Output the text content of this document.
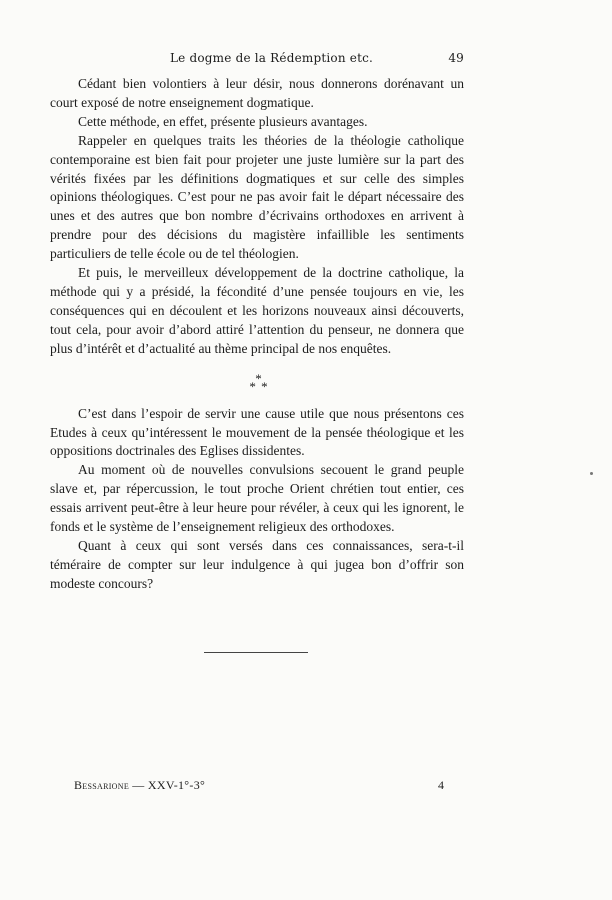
Le dogme de la Rédemption etc.	49

Cédant bien volontiers à leur désir, nous donnerons dorénavant un court exposé de notre enseignement dogmatique.

Cette méthode, en effet, présente plusieurs avantages.

Rappeler en quelques traits les théories de la théologie catholique contemporaine est bien fait pour projeter une juste lumière sur la part des vérités fixées par les définitions dogmatiques et sur celle des simples opinions théologiques. C’est pour ne pas avoir fait le départ nécessaire des unes et des autres que bon nombre d’écrivains orthodoxes en arrivent à prendre pour des décisions du magistère infaillible les sentiments particuliers de telle école ou de tel théologien.

Et puis, le merveilleux développement de la doctrine catholique, la méthode qui y a présidé, la fécondité d’une pensée toujours en vie, les conséquences qui en découlent et les horizons nouveaux ainsi découverts, tout cela, pour avoir d’abord attiré l’attention du penseur, ne donnera que plus d’intérêt et d’actualité au thème principal de nos enquêtes.

*
* *

C’est dans l’espoir de servir une cause utile que nous présentons ces Etudes à ceux qu’intéressent le mouvement de la pensée théologique et les oppositions doctrinales des Eglises dissidentes.

Au moment où de nouvelles convulsions secouent le grand peuple slave et, par répercussion, le tout proche Orient chrétien tout entier, ces essais arrivent peut-être à leur heure pour révéler, à ceux qui les ignorent, le fonds et le système de l’enseignement religieux des orthodoxes.

Quant à ceux qui sont versés dans ces connaissances, sera-t-il téméraire de compter sur leur indulgence à qui jugea bon d’offrir son modeste concours?

Bessarione — XXV-1°-3°	4
